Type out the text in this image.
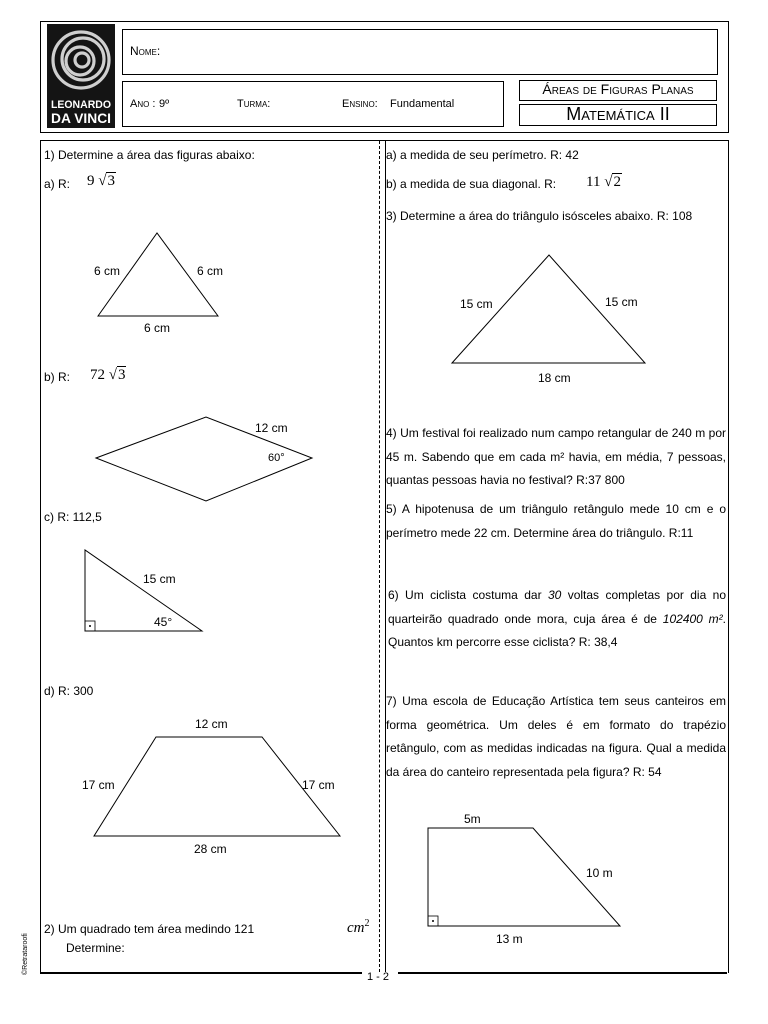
LEONARDO
DA VINCI
Nome:
Ano : 9º	Turma:	Ensino: Fundamental
Áreas de Figuras Planas
Matemática II
1 - 2
©Retrataroofi
1) Determine a área das figuras abaixo:
a) R: 9 √3
6 cm	6 cm
6 cm
b) R: 72 √3
12 cm
60°
c) R: 112,5
15 cm
45°
d) R: 300
12 cm
17 cm	17 cm
28 cm
2) Um quadrado tem área medindo 121	$cm^2$
Determine:
a) a medida de seu perímetro. R: 42
b) a medida de sua diagonal. R: 11 √2
3) Determine a área do triângulo isósceles abaixo. R: 108
15 cm	15 cm
18 cm
4) Um festival foi realizado num campo retangular de 240 m por 45 m. Sabendo que em cada m² havia, em média, 7 pessoas, quantas pessoas havia no festival? R:37 800
5) A hipotenusa de um triângulo retângulo mede 10 cm e o perímetro mede 22 cm. Determine área do triângulo. R:11
6) Um ciclista costuma dar 30 voltas completas por dia no quarteirão quadrado onde mora, cuja área é de 102400 m². Quantos km percorre esse ciclista? R: 38,4
7) Uma escola de Educação Artística tem seus canteiros em forma geométrica. Um deles é em formato do trapézio retângulo, com as medidas indicadas na figura. Qual a medida da área do canteiro representada pela figura? R: 54
5m
10 m
13 m
